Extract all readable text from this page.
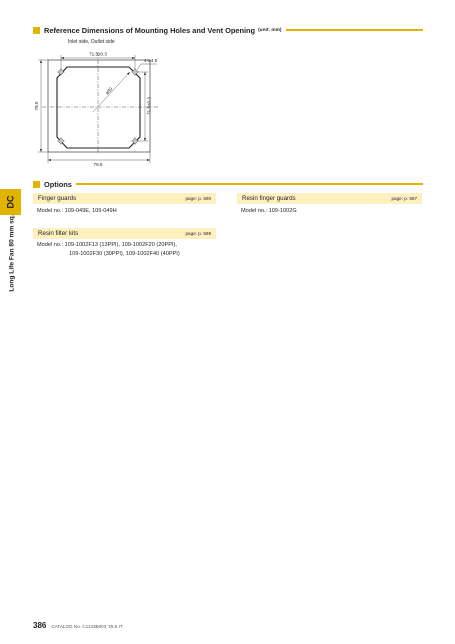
Reference Dimensions of Mounting Holes and Vent Opening (unit: mm)
Inlet side, Outlet side
71.5±0.3
4-ø4.5
ø80
78.5	71.5±0.3
78.5
Options
Finger guards	page: p. 590
Model no.: 109-049E, 109-049H
Resin finger guards	page: p. 597
Model no.: 109-1002G
Resin filter kits	page: p. 599
Model no.: 109-1002F13 (13PPI), 109-1002F20 (20PPI),
109-1002F30 (30PPI), 109-1002F40 (40PPI)
DC
Long Life Fan 80 mm sq.
386 CATALOG No. C1143B003 '25.5 IT
